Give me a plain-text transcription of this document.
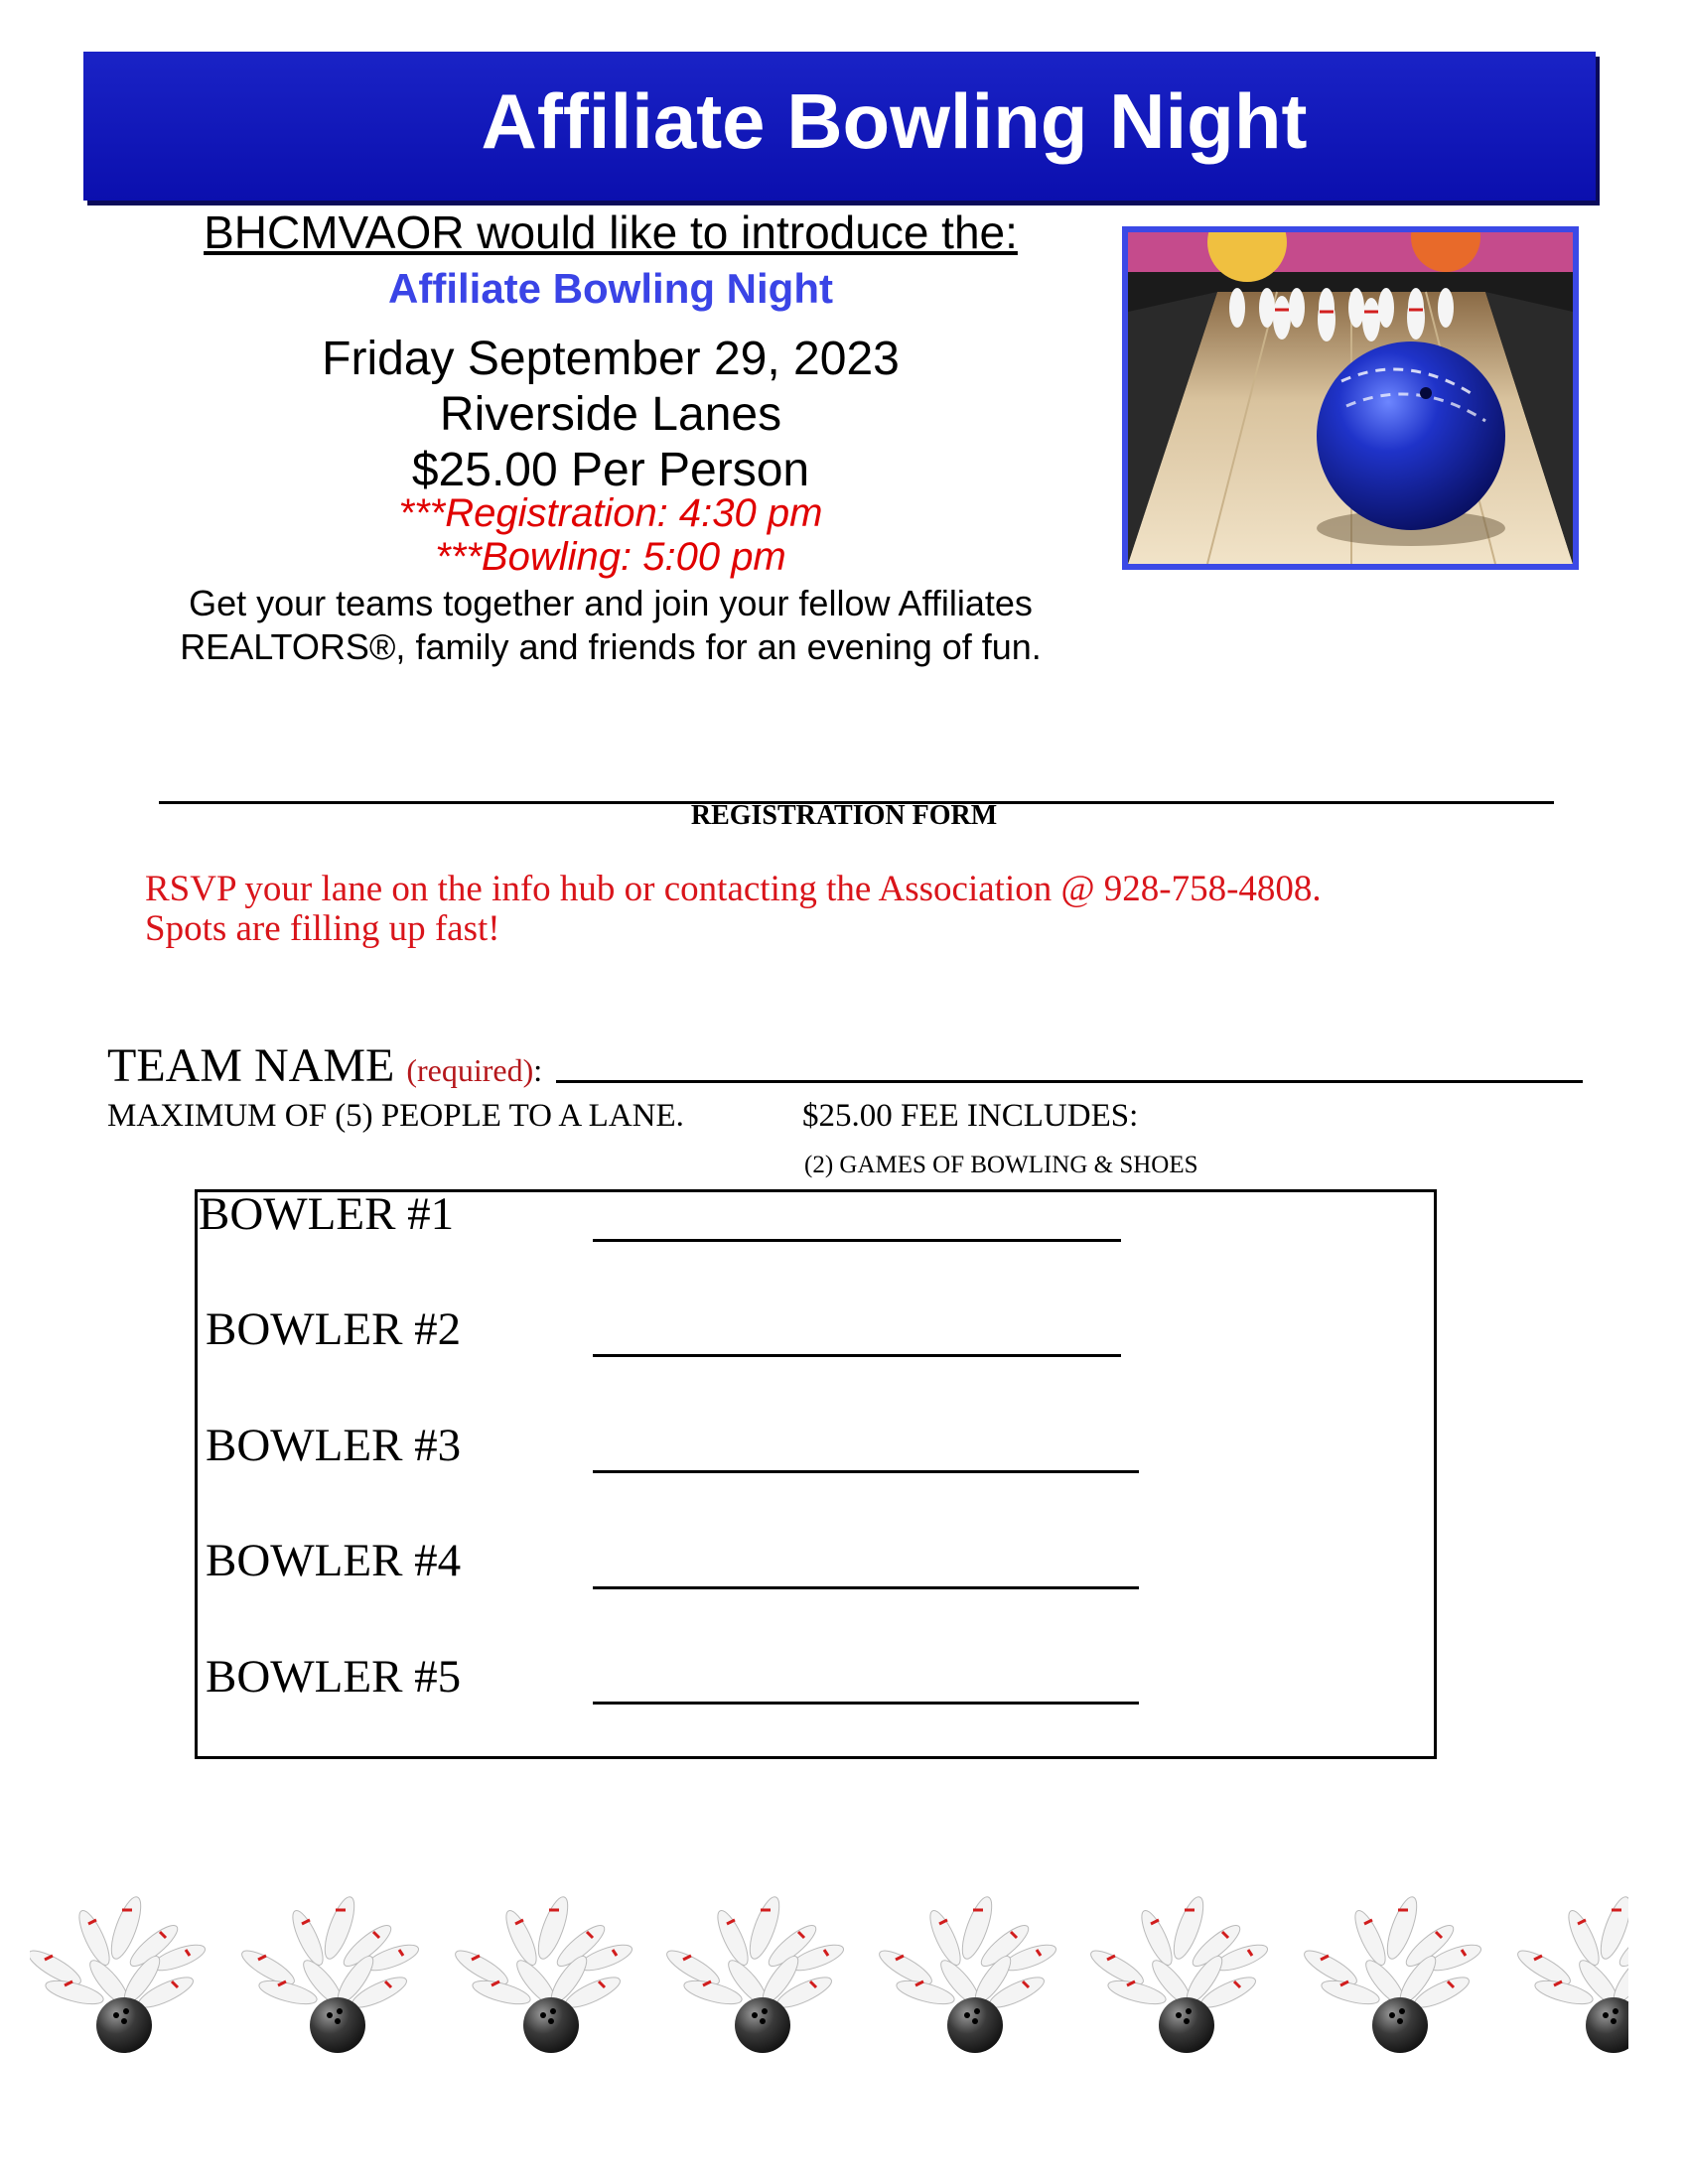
Affiliate Bowling Night
BHCMVAOR would like to introduce the:
Affiliate Bowling Night
Friday September 29, 2023
Riverside Lanes
$25.00 Per Person
***Registration: 4:30 pm
***Bowling: 5:00 pm
Get your teams together and join your fellow Affiliates REALTORS®, family and friends for an evening of fun.
REGISTRATION FORM
RSVP your lane on the info hub or contacting the Association @ 928-758-4808.
Spots are filling up fast!
TEAM NAME (required):
MAXIMUM OF (5) PEOPLE TO A LANE.	$25.00 FEE INCLUDES:
(2) GAMES OF BOWLING & SHOES
BOWLER #1
BOWLER #2
BOWLER #3
BOWLER #4
BOWLER #5
